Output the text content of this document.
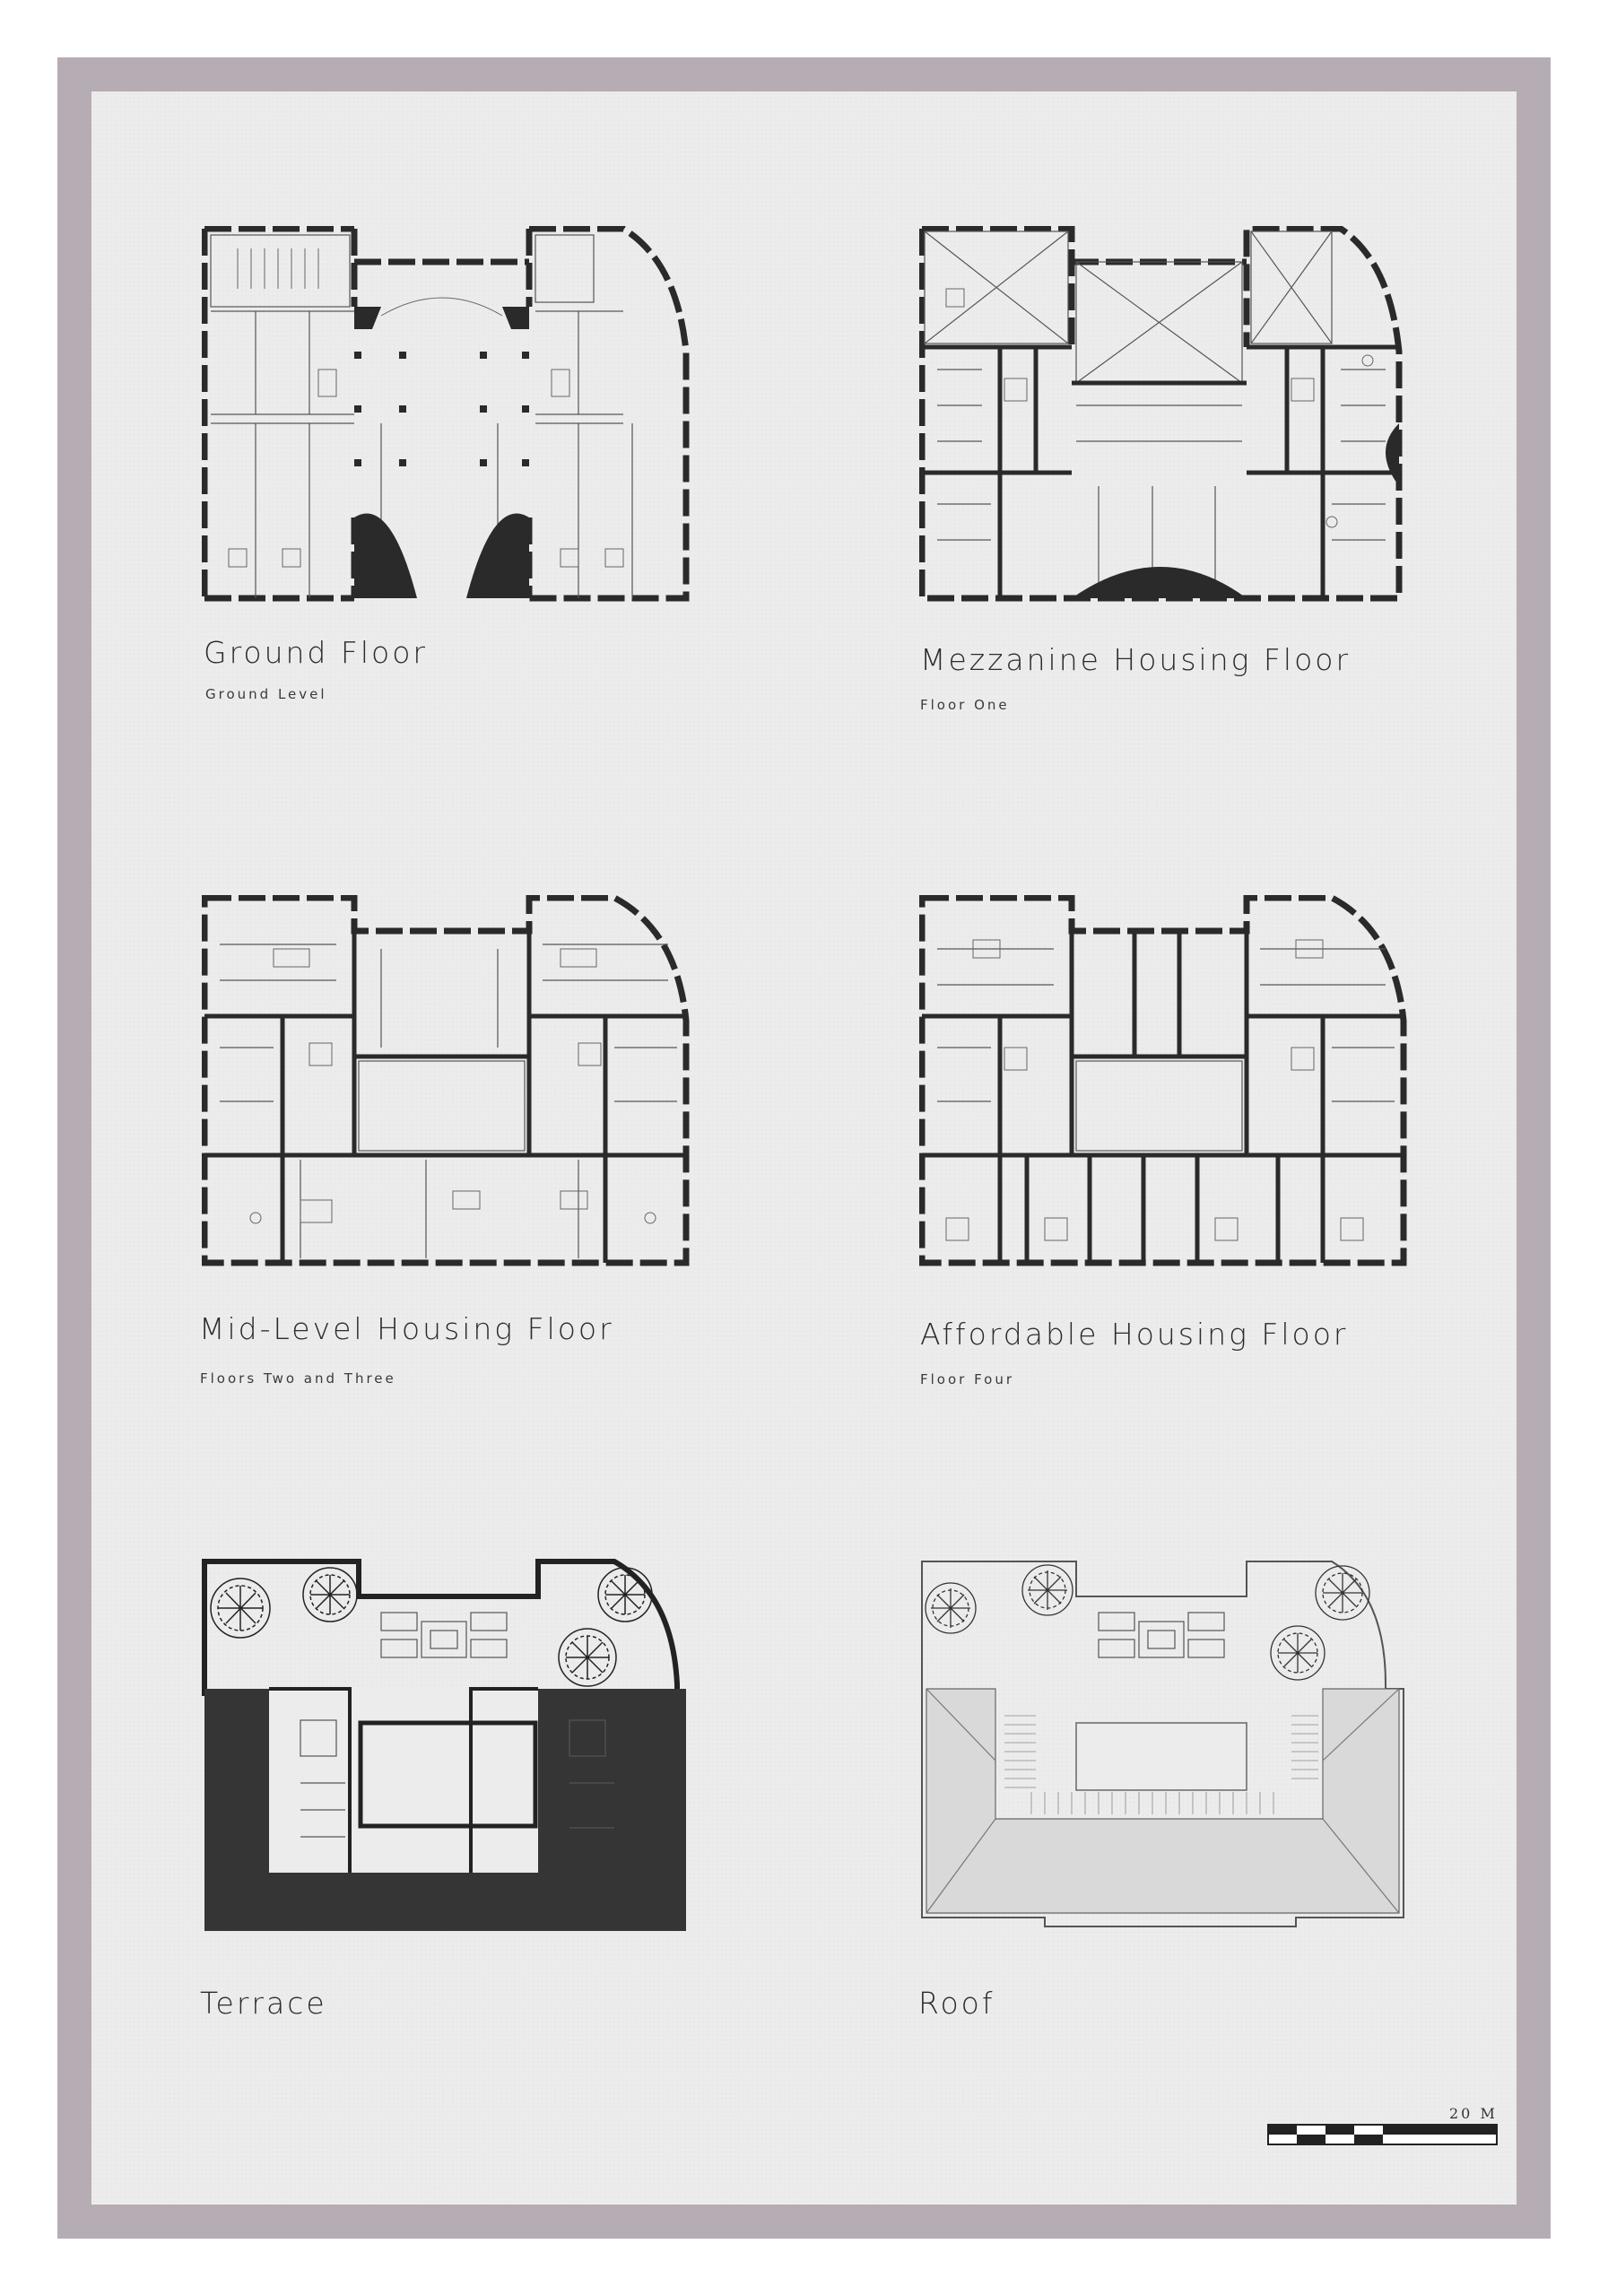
Ground Floor
Ground Level
Mezzanine Housing Floor
Floor One
Mid-Level Housing Floor
Floors Two and Three
Affordable Housing Floor
Floor Four
Terrace	Roof
20 M
